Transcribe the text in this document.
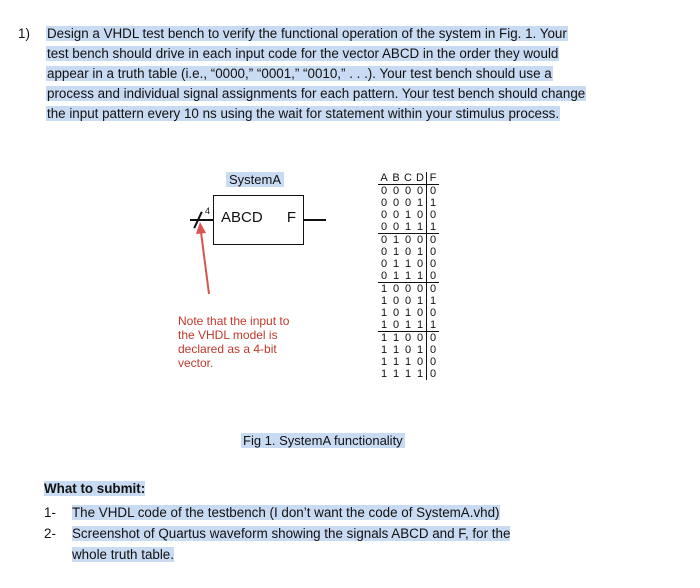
1) Design a VHDL test bench to verify the functional operation of the system in Fig. 1. Your
test bench should drive in each input code for the vector ABCD in the order they would
appear in a truth table (i.e., “0000,” “0001,” “0010,” . . .). Your test bench should use a
process and individual signal assignments for each pattern. Your test bench should change
the input pattern every 10 ns using the wait for statement within your stimulus process.
SystemA
4 ABCD F
Note that the input to
the VHDL model is
declared as a 4-bit
vector.
A	B	C	D	F
0	0	0	0	0
0	0	0	1	1
0	0	1	0	0
0	0	1	1	1
0	1	0	0	0
0	1	0	1	0
0	1	1	0	0
0	1	1	1	0
1	0	0	0	0
1	0	0	1	1
1	0	1	0	0
1	0	1	1	1
1	1	0	0	0
1	1	0	1	0
1	1	1	0	0
1	1	1	1	0
Fig 1. SystemA functionality
What to submit:
1- The VHDL code of the testbench (I don’t want the code of SystemA.vhd)
2- Screenshot of Quartus waveform showing the signals ABCD and F, for the
whole truth table.
